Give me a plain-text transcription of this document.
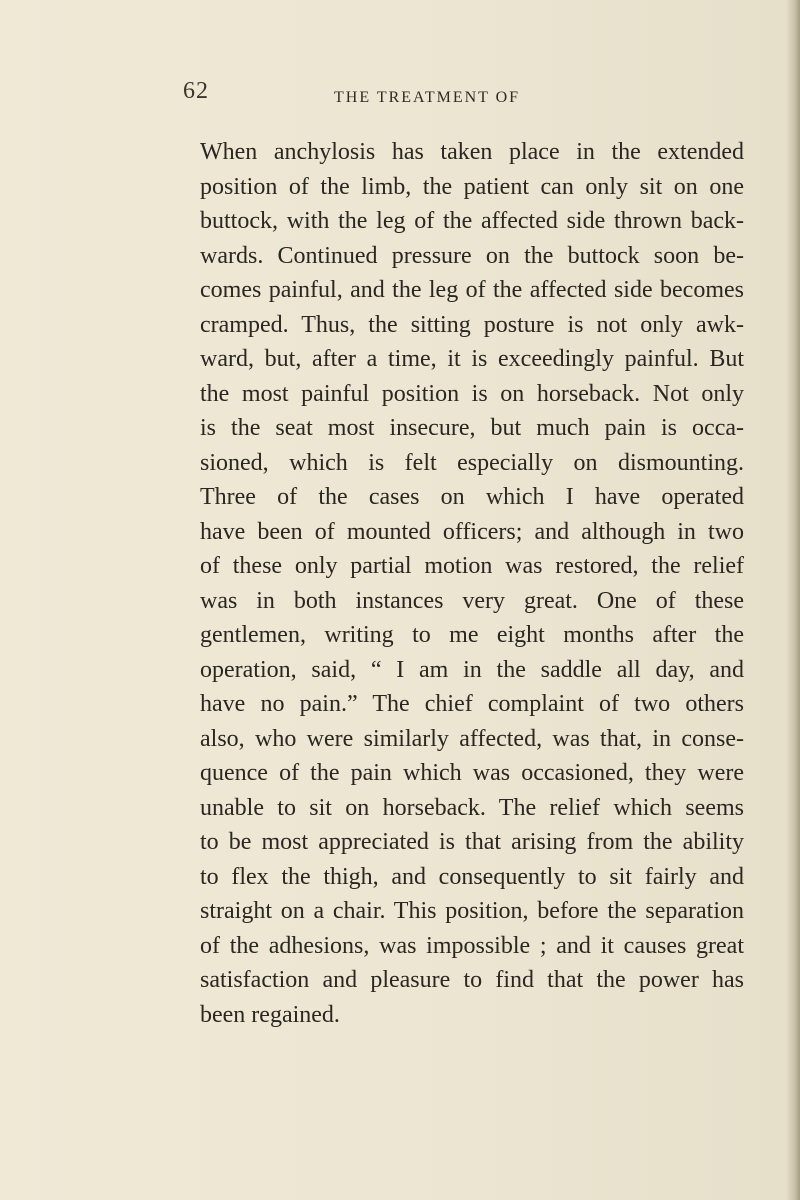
62	THE TREATMENT OF
When anchylosis has taken place in the extended
position of the limb, the patient can only sit on one
buttock, with the leg of the affected side thrown back-
wards. Continued pressure on the buttock soon be-
comes painful, and the leg of the affected side becomes
cramped. Thus, the sitting posture is not only awk-
ward, but, after a time, it is exceedingly painful. But
the most painful position is on horseback. Not only
is the seat most insecure, but much pain is occa-
sioned, which is felt especially on dismounting.
Three of the cases on which I have operated
have been of mounted officers; and although in two
of these only partial motion was restored, the relief
was in both instances very great. One of these
gentlemen, writing to me eight months after the
operation, said, “ I am in the saddle all day, and
have no pain.” The chief complaint of two others
also, who were similarly affected, was that, in conse-
quence of the pain which was occasioned, they were
unable to sit on horseback. The relief which seems
to be most appreciated is that arising from the ability
to flex the thigh, and consequently to sit fairly and
straight on a chair. This position, before the separation
of the adhesions, was impossible ; and it causes great
satisfaction and pleasure to find that the power has
been regained.
